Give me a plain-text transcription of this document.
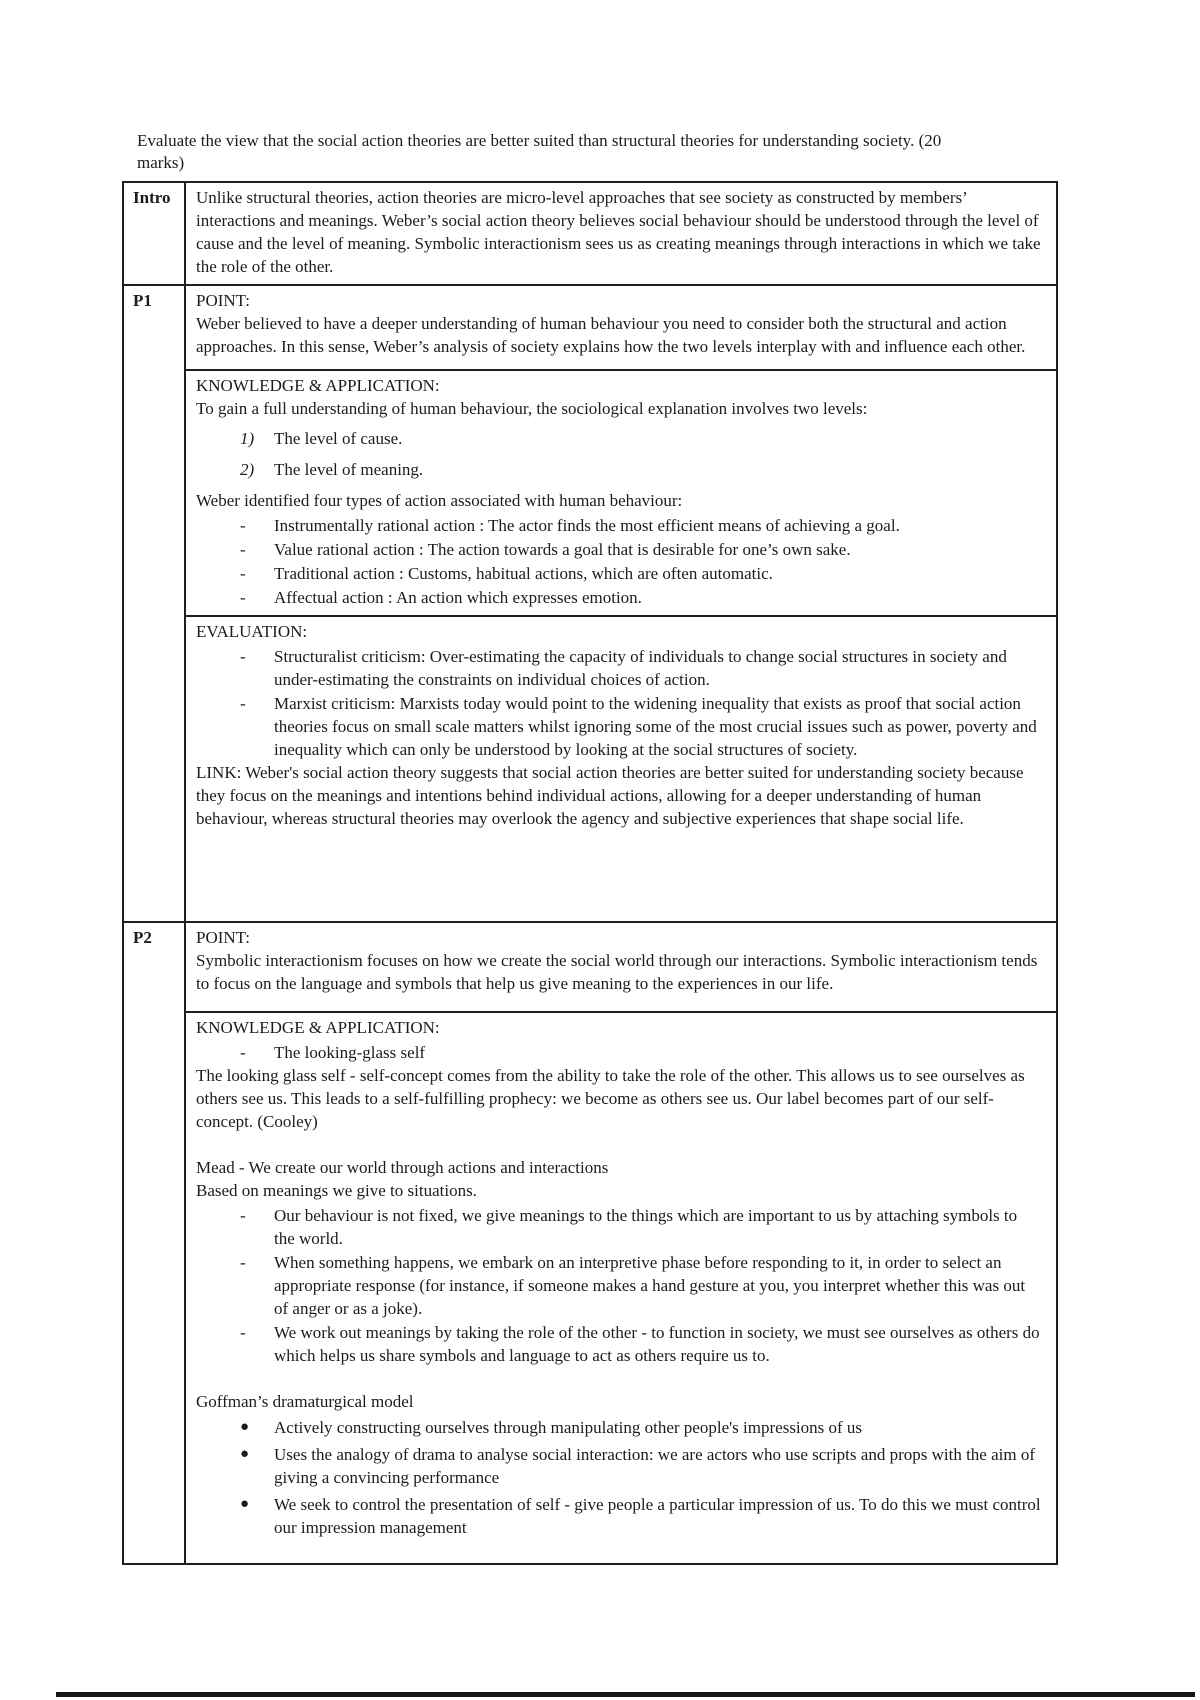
Evaluate the view that the social action theories are better suited than structural theories for understanding society. (20 marks)
Intro	Unlike structural theories, action theories are micro-level approaches that see society as constructed by members’ interactions and meanings. Weber’s social action theory believes social behaviour should be understood through the level of cause and the level of meaning. Symbolic interactionism sees us as creating meanings through interactions in which we take the role of the other.

P1	POINT:

Weber believed to have a deeper understanding of human behaviour you need to consider both the structural and action approaches. In this sense, Weber’s analysis of society explains how the two levels interplay with and influence each other.

KNOWLEDGE & APPLICATION:

To gain a full understanding of human behaviour, the sociological explanation involves two levels:

1)	The level of cause.
2)	The level of meaning.

Weber identified four types of action associated with human behaviour:

-	Instrumentally rational action : The actor finds the most efficient means of achieving a goal.
-	Value rational action : The action towards a goal that is desirable for one’s own sake.
-	Traditional action : Customs, habitual actions, which are often automatic.
-	Affectual action : An action which expresses emotion.

EVALUATION:

-	Structuralist criticism: Over-estimating the capacity of individuals to change social structures in society and under-estimating the constraints on individual choices of action.
-	Marxist criticism: Marxists today would point to the widening inequality that exists as proof that social action theories focus on small scale matters whilst ignoring some of the most crucial issues such as power, poverty and inequality which can only be understood by looking at the social structures of society.

LINK: Weber's social action theory suggests that social action theories are better suited for understanding society because they focus on the meanings and intentions behind individual actions, allowing for a deeper understanding of human behaviour, whereas structural theories may overlook the agency and subjective experiences that shape social life.

P2	POINT:

Symbolic interactionism focuses on how we create the social world through our interactions. Symbolic interactionism tends to focus on the language and symbols that help us give meaning to the experiences in our life.

KNOWLEDGE & APPLICATION:

-	The looking-glass self

The looking glass self - self-concept comes from the ability to take the role of the other. This allows us to see ourselves as others see us. This leads to a self-fulfilling prophecy: we become as others see us. Our label becomes part of our self-concept. (Cooley)

Mead - We create our world through actions and interactions

Based on meanings we give to situations.

-	Our behaviour is not fixed, we give meanings to the things which are important to us by attaching symbols to the world.
-	When something happens, we embark on an interpretive phase before responding to it, in order to select an appropriate response (for instance, if someone makes a hand gesture at you, you interpret whether this was out of anger or as a joke).
-	We work out meanings by taking the role of the other - to function in society, we must see ourselves as others do which helps us share symbols and language to act as others require us to.

Goffman’s dramaturgical model

●	Actively constructing ourselves through manipulating other people's impressions of us
●	Uses the analogy of drama to analyse social interaction: we are actors who use scripts and props with the aim of giving a convincing performance
●	We seek to control the presentation of self - give people a particular impression of us. To do this we must control our impression management
